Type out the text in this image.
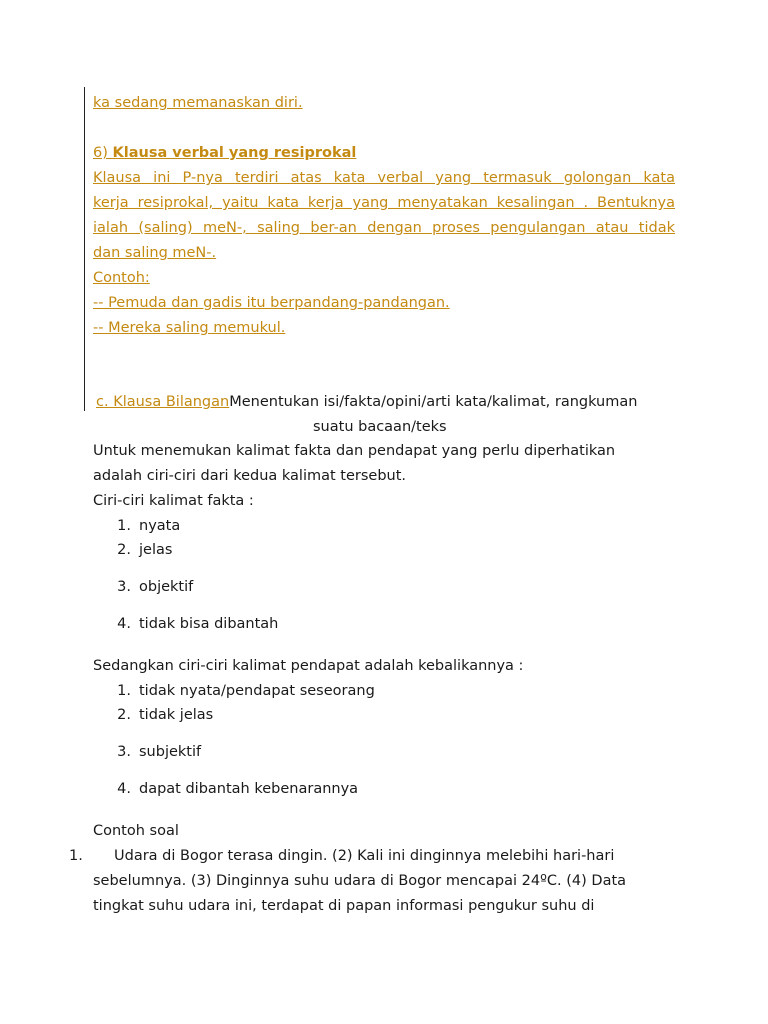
ka sedang memanaskan diri.
6) Klausa verbal yang resiprokal
Klausa ini P-nya terdiri atas kata verbal yang termasuk golongan kata
kerja resiprokal, yaitu kata kerja yang menyatakan kesalingan . Bentuknya
ialah (saling) meN-, saling ber-an dengan proses pengulangan atau tidak
dan saling meN-.
Contoh:
-- Pemuda dan gadis itu berpandang-pandangan.
-- Mereka saling memukul.
c. Klausa BilanganMenentukan isi/fakta/opini/arti kata/kalimat, rangkuman
suatu bacaan/teks
Untuk menemukan kalimat fakta dan pendapat yang perlu diperhatikan
adalah ciri-ciri dari kedua kalimat tersebut.
Ciri-ciri kalimat fakta :
1. nyata
2. jelas
3. objektif
4. tidak bisa dibantah
Sedangkan ciri-ciri kalimat pendapat adalah kebalikannya :
1. tidak nyata/pendapat seseorang
2. tidak jelas
3. subjektif
4. dapat dibantah kebenarannya
Contoh soal
1. Udara di Bogor terasa dingin. (2) Kali ini dinginnya melebihi hari-hari
sebelumnya. (3) Dinginnya suhu udara di Bogor mencapai 24ºC. (4) Data
tingkat suhu udara ini, terdapat di papan informasi pengukur suhu di
